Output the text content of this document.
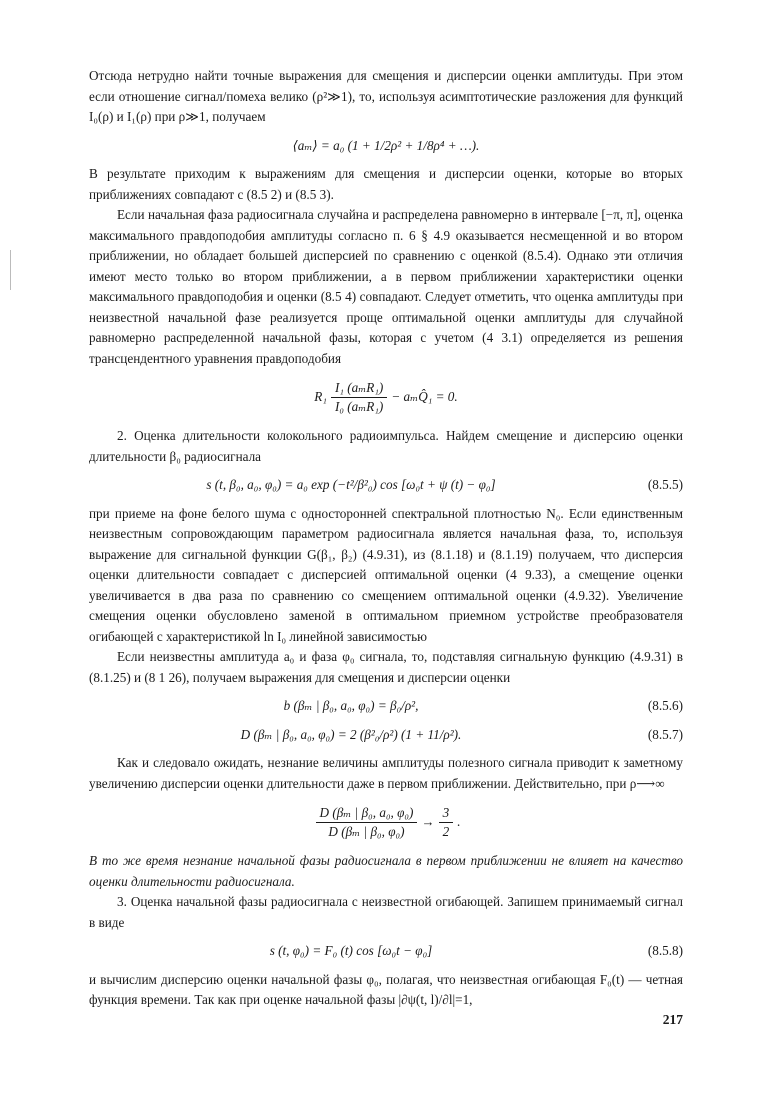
Отсюда нетрудно найти точные выражения для смещения и дисперсии оценки амплитуды. При этом если отношение сигнал/помеха велико (ρ²≫1), то, используя асимптотические разложения для функций I₀(ρ) и I₁(ρ) при ρ≫1, получаем

⟨aₘ⟩ = a₀ (1 + 1/2ρ² + 1/8ρ⁴ + …).

В результате приходим к выражениям для смещения и дисперсии оценки, которые во вторых приближениях совпадают с (8.5 2) и (8.5 3).

Если начальная фаза радиосигнала случайна и распределена равномерно в интервале [−π, π], оценка максимального правдоподобия амплитуды согласно п. 6 § 4.9 оказывается несмещенной и во втором приближении, но обладает большей дисперсией по сравнению с оценкой (8.5.4). Однако эти отличия имеют место только во втором приближении, а в первом приближении характеристики оценки максимального правдоподобия и оценки (8.5 4) совпадают. Следует отметить, что оценка амплитуды при неизвестной начальной фазе реализуется проще оптимальной оценки амплитуды для случайной равномерно распределенной начальной фазы, которая с учетом (4 3.1) определяется из решения трансцендентного уравнения правдоподобия

$R_1 \frac{\text{I₁ (aₘR₁)}}{\text{I₀ (aₘR₁)}}$ − aₘQ̂₁ = 0.

2. Оценка длительности колокольного радиоимпульса. Найдем смещение и дисперсию оценки длительности β₀ радиосигнала

s (t, β₀, a₀, φ₀) = a₀ exp (−t²/β²₀) cos [ω₀t + ψ (t) − φ₀]	(8.5.5)

при приеме на фоне белого шума с односторонней спектральной плотностью N₀. Если единственным неизвестным сопровождающим параметром радиосигнала является начальная фаза, то, используя выражение для сигнальной функции G(β₁, β₂) (4.9.31), из (8.1.18) и (8.1.19) получаем, что дисперсия оценки длительности совпадает с дисперсией оптимальной оценки (4 9.33), а смещение оценки увеличивается в два раза по сравнению со смещением оптимальной оценки (4.9.32). Увеличение смещения оценки обусловлено заменой в оптимальном приемном устройстве преобразователя огибающей с характеристикой ln I₀ линейной зависимостью

Если неизвестны амплитуда a₀ и фаза φ₀ сигнала, то, подставляя сигнальную функцию (4.9.31) в (8.1.25) и (8 1 26), получаем выражения для смещения и дисперсии оценки

b (βₘ | β₀, a₀, φ₀) = β₀/ρ²,	(8.5.6)
D (βₘ | β₀, a₀, φ₀) = 2 (β²₀/ρ²) (1 + 11/ρ²).	(8.5.7)

Как и следовало ожидать, незнание величины амплитуды полезного сигнала приводит к заметному увеличению дисперсии оценки длительности даже в первом приближении. Действительно, при ρ⟶∞

$\frac{\text{D (βₘ | β₀, a₀, φ₀)}}{\text{D (βₘ | β₀, φ₀)}} \to \frac{3}{2}$ .

В то же время незнание начальной фазы радиосигнала в первом приближении не влияет на качество оценки длительности радиосигнала.

3. Оценка начальной фазы радиосигнала с неизвестной огибающей. Запишем принимаемый сигнал в виде

s (t, φ₀) = F₀ (t) cos [ω₀t − φ₀]	(8.5.8)

и вычислим дисперсию оценки начальной фазы φ₀, полагая, что неизвестная огибающая F₀(t) — четная функция времени. Так как при оценке начальной фазы |∂ψ(t, l)/∂l|=1,

217
